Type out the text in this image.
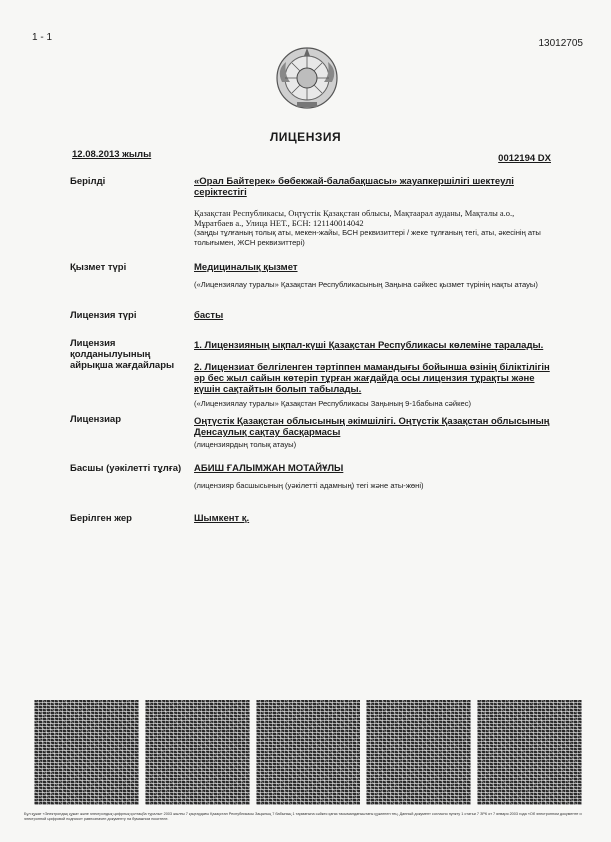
1 - 1
13012705
ЛИЦЕНЗИЯ
12.08.2013 жылы	0012194 DX
Берілді	«Орал Байтерек» бөбекжай-балабақшасы» жауапкершілігі шектеулі серіктестігі
Қазақстан Республикасы, Оңтүстік Қазақстан облысы, Мақтаарал ауданы, Мақталы а.о., Мұратбаев а., Улица НЕТ., БСН: 121140014042
(заңды тұлғаның толық аты, мекен-жайы, БСН реквизиттері / жеке тұлғаның тегі, аты, әкесінің аты толығымен, ЖСН реквизиттері)
Қызмет түрі	Медициналық қызмет
(«Лицензиялау туралы» Қазақстан Республикасының Заңына сәйкес қызмет түрінің нақты атауы)
Лицензия түрі	басты
Лицензия қолданылуының айрықша жағдайлары
1. Лицензияның ықпал-күші Қазақстан Республикасы көлеміне таралады.
2. Лицензиат белгіленген тәртіппен мамандығы бойынша өзінің біліктілігін әр бес жыл сайын көтеріп тұрған жағдайда осы лицензия тұрақты және күшін сақтайтын болып табылады.
(«Лицензиялау туралы» Қазақстан Республикасы Заңының 9-1бабына сәйкес)
Лицензиар	Оңтүстік Қазақстан облысының әкімшілігі. Оңтүстік Қазақстан облысының Денсаулық сақтау басқармасы
(лицензиярдың толық атауы)
Басшы (уәкілетті тұлға)	АБИШ ҒАЛЫМЖАН МОТАЙҰЛЫ
(лицензияр басшысының (уәкілетті адамның) тегі және аты-жөні)
Берілген жер	Шымкент қ.
Бұл құжат «Электрондық құжат және электрондық цифрлық қолтаңба туралы» 2003 жылғы 7 қаңтардағы Қазақстан Республикасы Заңының 7 бабының 1 тармағына сәйкес қағаз тасымалдағыштағы құжатпен тең. Данный документ согласно пункту 1 статьи 7 ЗРК от 7 января 2003 года «Об электронном документе и электронной цифровой подписи» равнозначен документу на бумажном носителе.
